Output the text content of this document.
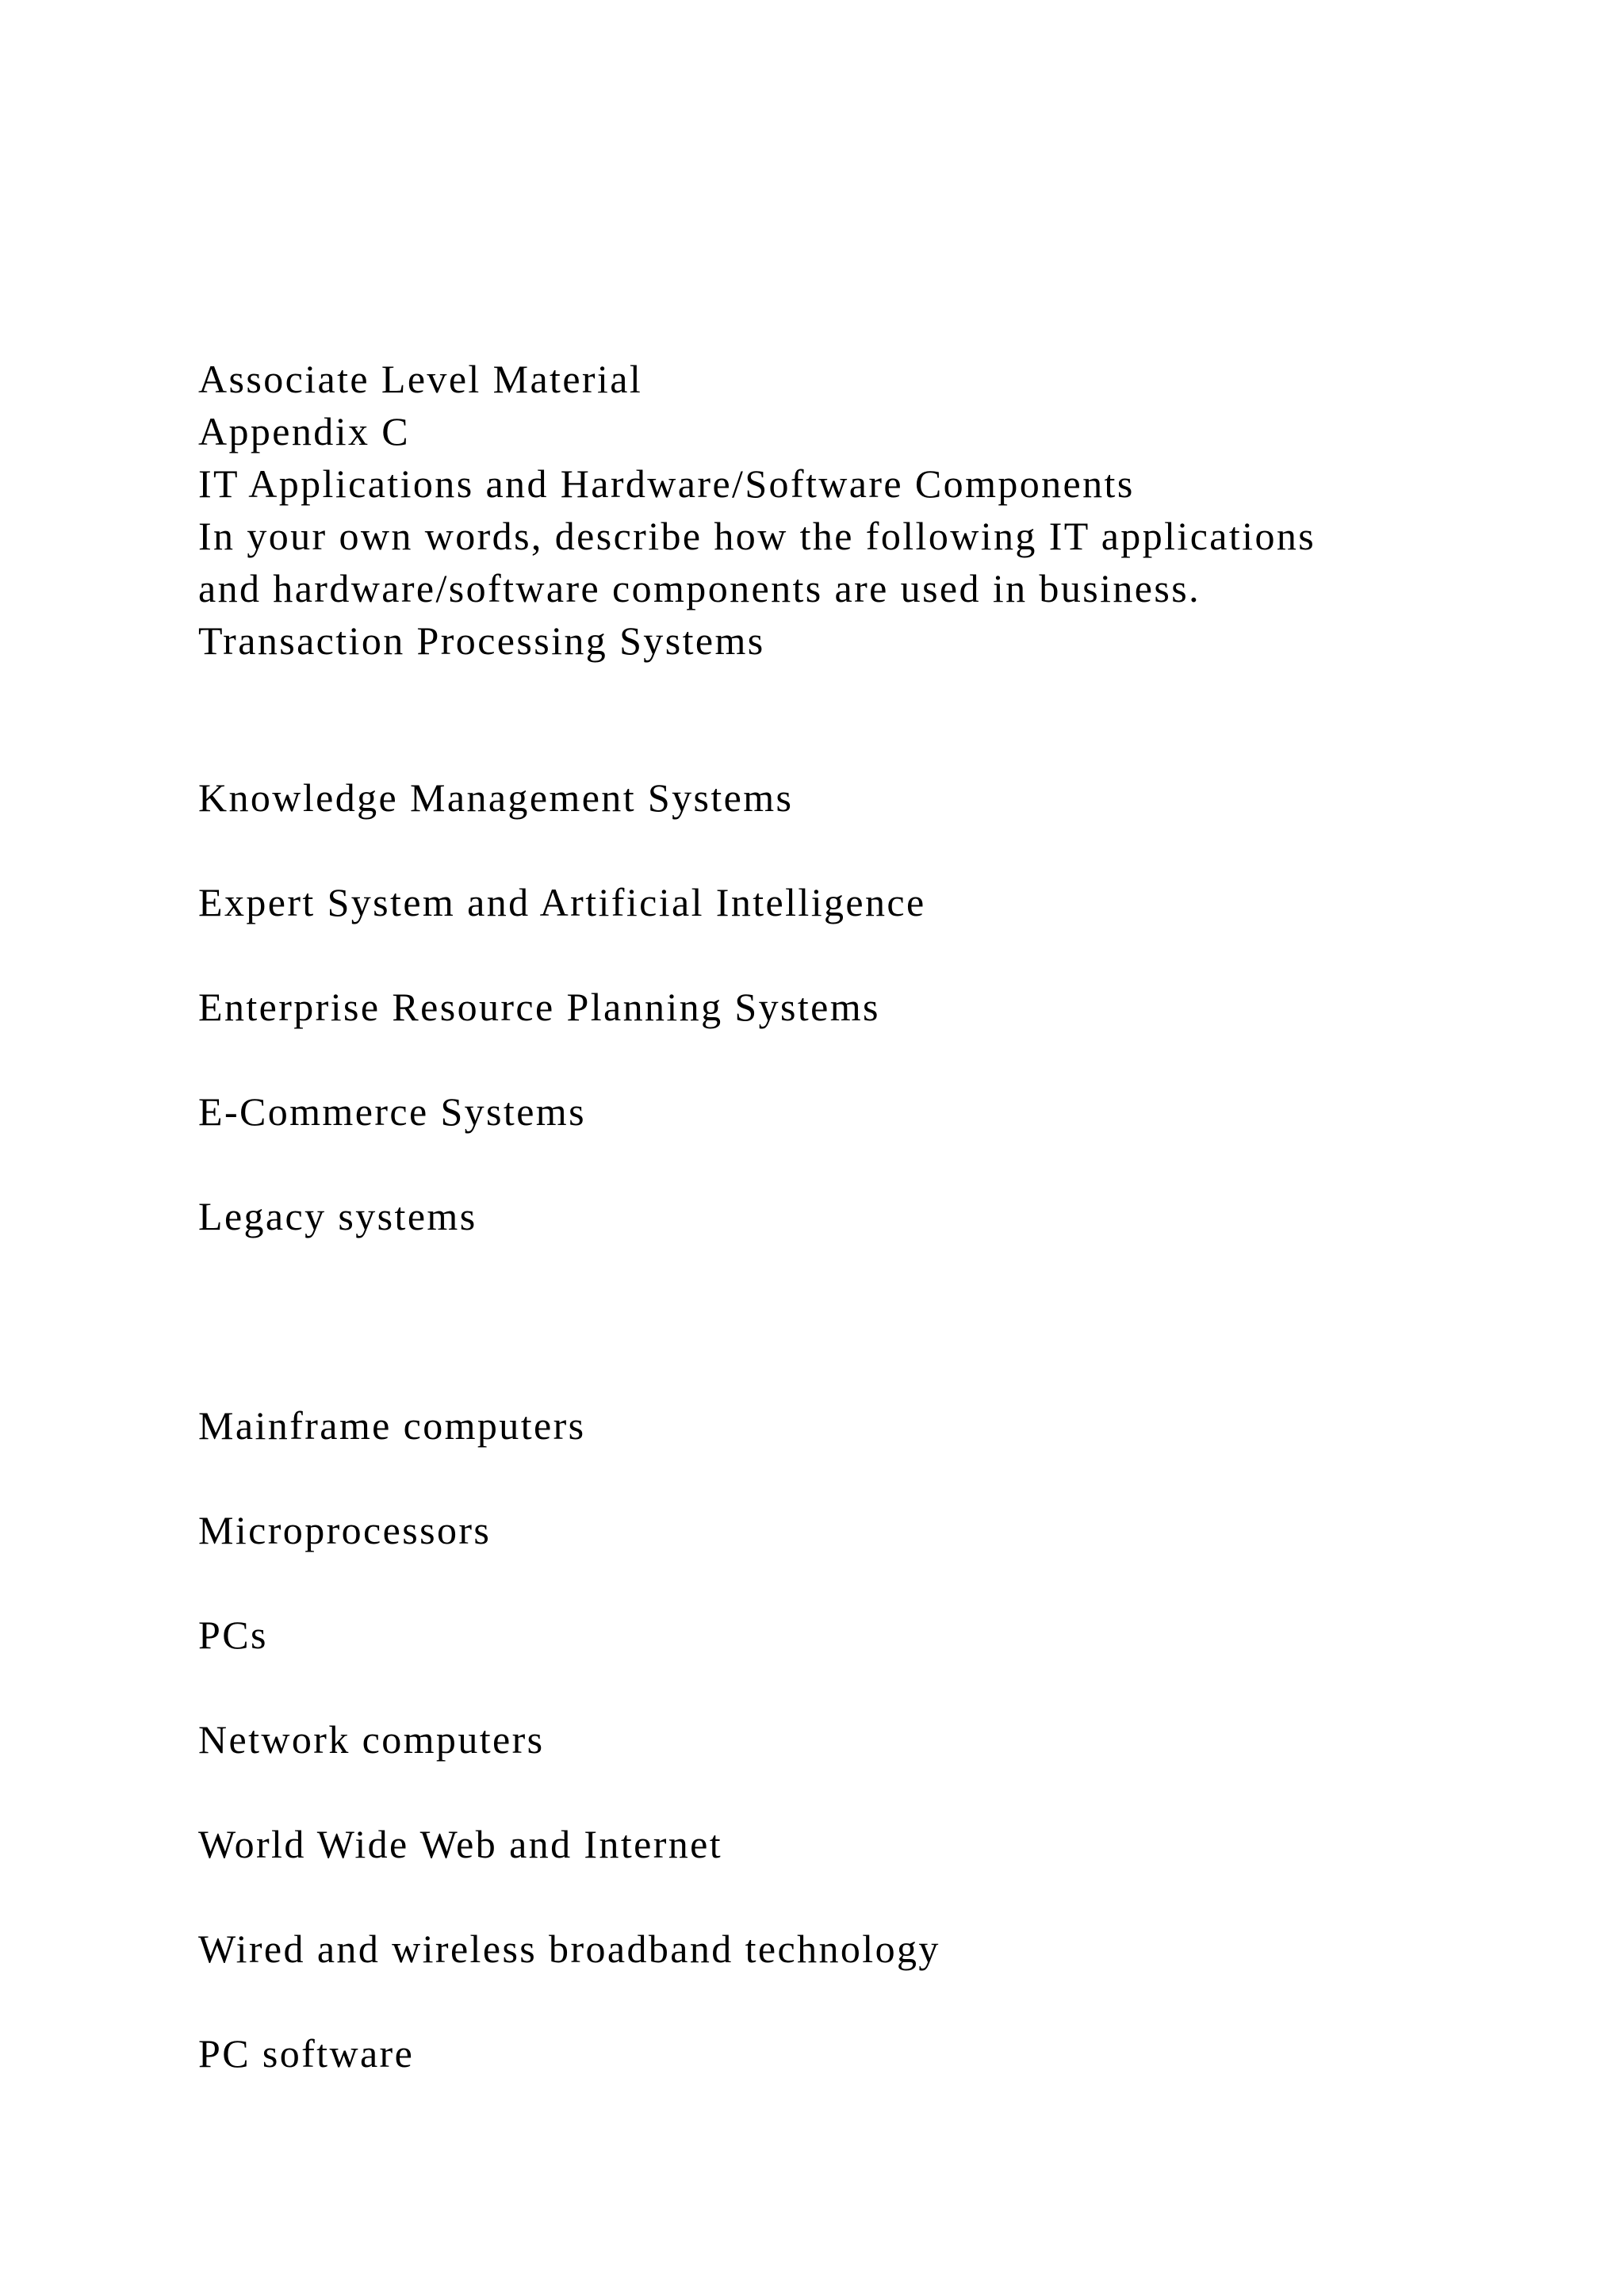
Associate Level Material

Appendix C

IT Applications and Hardware/Software Components

In your own words, describe how the following IT applications

and hardware/software components are used in business.

Transaction Processing Systems

Knowledge Management Systems

Expert System and Artificial Intelligence

Enterprise Resource Planning Systems

E-Commerce Systems

Legacy systems

Mainframe computers

Microprocessors

PCs

Network computers

World Wide Web and Internet

Wired and wireless broadband technology

PC software
